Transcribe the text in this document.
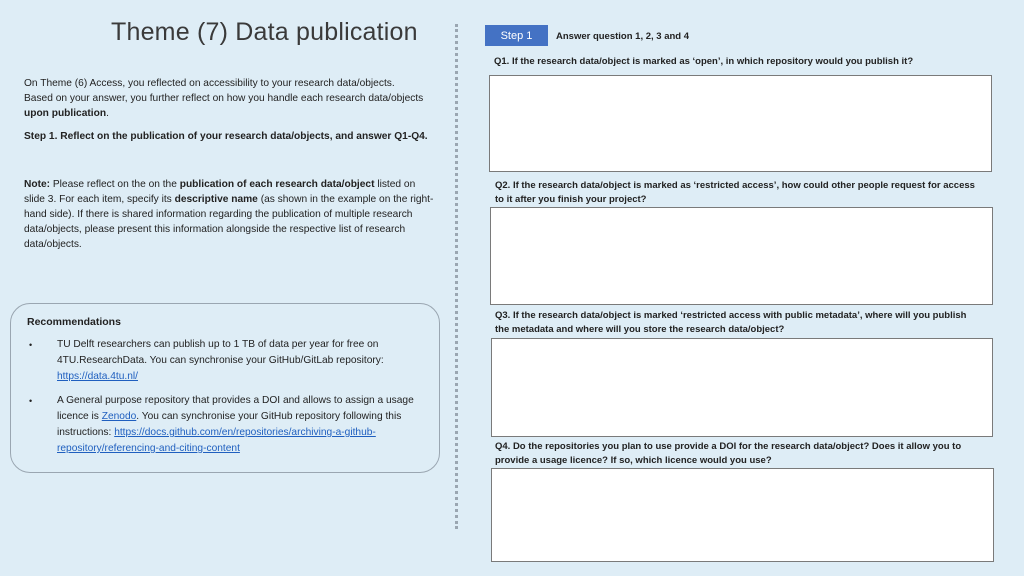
Theme (7) Data publication
On Theme (6) Access, you reflected on accessibility to your research data/objects. Based on your answer, you further reflect on how you handle each research data/objects upon publication.
Step 1. Reflect on the publication of your research data/objects, and answer Q1-Q4.
Note: Please reflect on the on the publication of each research data/object listed on slide 3. For each item, specify its descriptive name (as shown in the example on the right-hand side). If there is shared information regarding the publication of multiple research data/objects, please present this information alongside the respective list of research data/objects.
Recommendations
• TU Delft researchers can publish up to 1 TB of data per year for free on 4TU.ResearchData. You can synchronise your GitHub/GitLab repository: https://data.4tu.nl/
• A General purpose repository that provides a DOI and allows to assign a usage licence is Zenodo. You can synchronise your GitHub repository following this instructions: https://docs.github.com/en/repositories/archiving-a-github-repository/referencing-and-citing-content
Step 1	Answer question 1, 2, 3 and 4
Q1. If the research data/object is marked as ‘open’, in which repository would you publish it?
Q2. If the research data/object is marked as ‘restricted access’, how could other people request for access to it after you finish your project?
Q3. If the research data/object is marked ‘restricted access with public metadata’, where will you publish the metadata and where will you store the research data/object?
Q4. Do the repositories you plan to use provide a DOI for the research data/object? Does it allow you to provide a usage licence? If so, which licence would you use?
